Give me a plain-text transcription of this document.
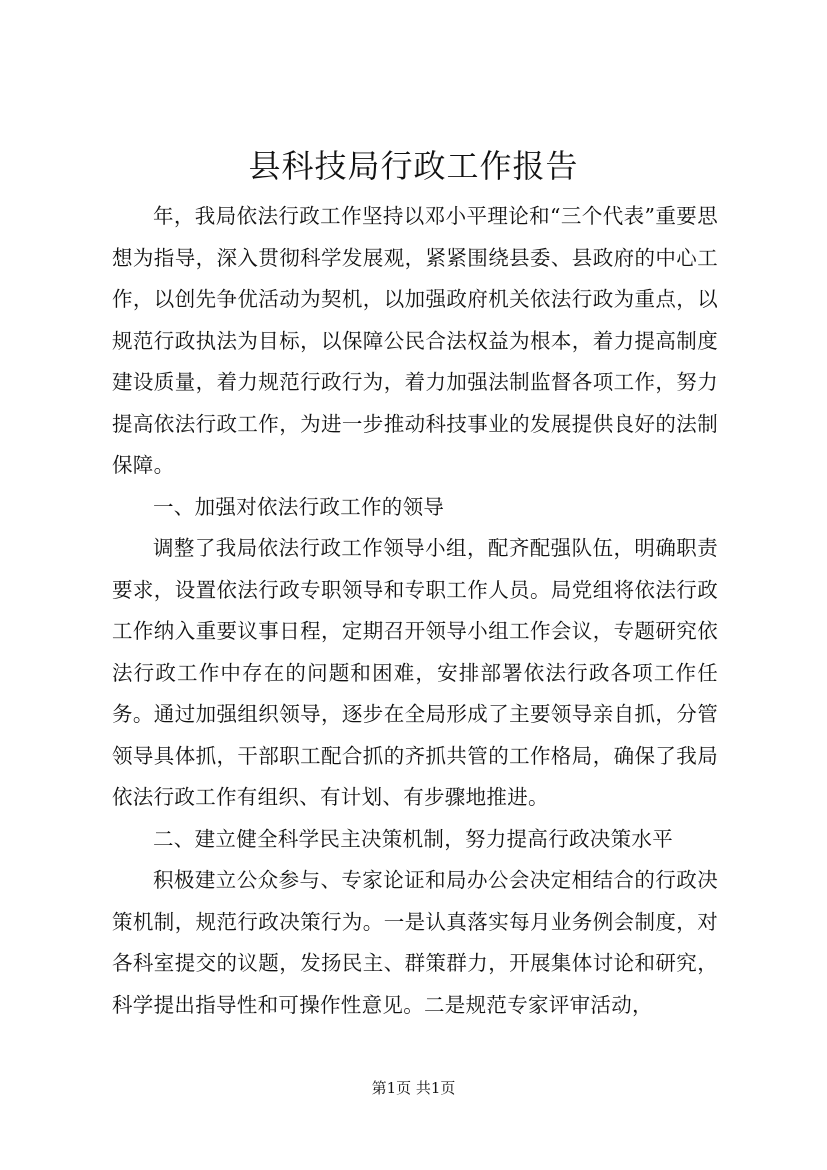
县科技局行政工作报告

年，我局依法行政工作坚持以邓小平理论和“三个代表”重要思想为指导，深入贯彻科学发展观，紧紧围绕县委、县政府的中心工作，以创先争优活动为契机，以加强政府机关依法行政为重点，以规范行政执法为目标，以保障公民合法权益为根本，着力提高制度建设质量，着力规范行政行为，着力加强法制监督各项工作，努力提高依法行政工作，为进一步推动科技事业的发展提供良好的法制保障。

一、加强对依法行政工作的领导

调整了我局依法行政工作领导小组，配齐配强队伍，明确职责要求，设置依法行政专职领导和专职工作人员。局党组将依法行政工作纳入重要议事日程，定期召开领导小组工作会议，专题研究依法行政工作中存在的问题和困难，安排部署依法行政各项工作任务。通过加强组织领导，逐步在全局形成了主要领导亲自抓，分管领导具体抓，干部职工配合抓的齐抓共管的工作格局，确保了我局依法行政工作有组织、有计划、有步骤地推进。

二、建立健全科学民主决策机制，努力提高行政决策水平

积极建立公众参与、专家论证和局办公会决定相结合的行政决策机制，规范行政决策行为。一是认真落实每月业务例会制度，对各科室提交的议题，发扬民主、群策群力，开展集体讨论和研究，科学提出指导性和可操作性意见。二是规范专家评审活动，

第1页 共1页
